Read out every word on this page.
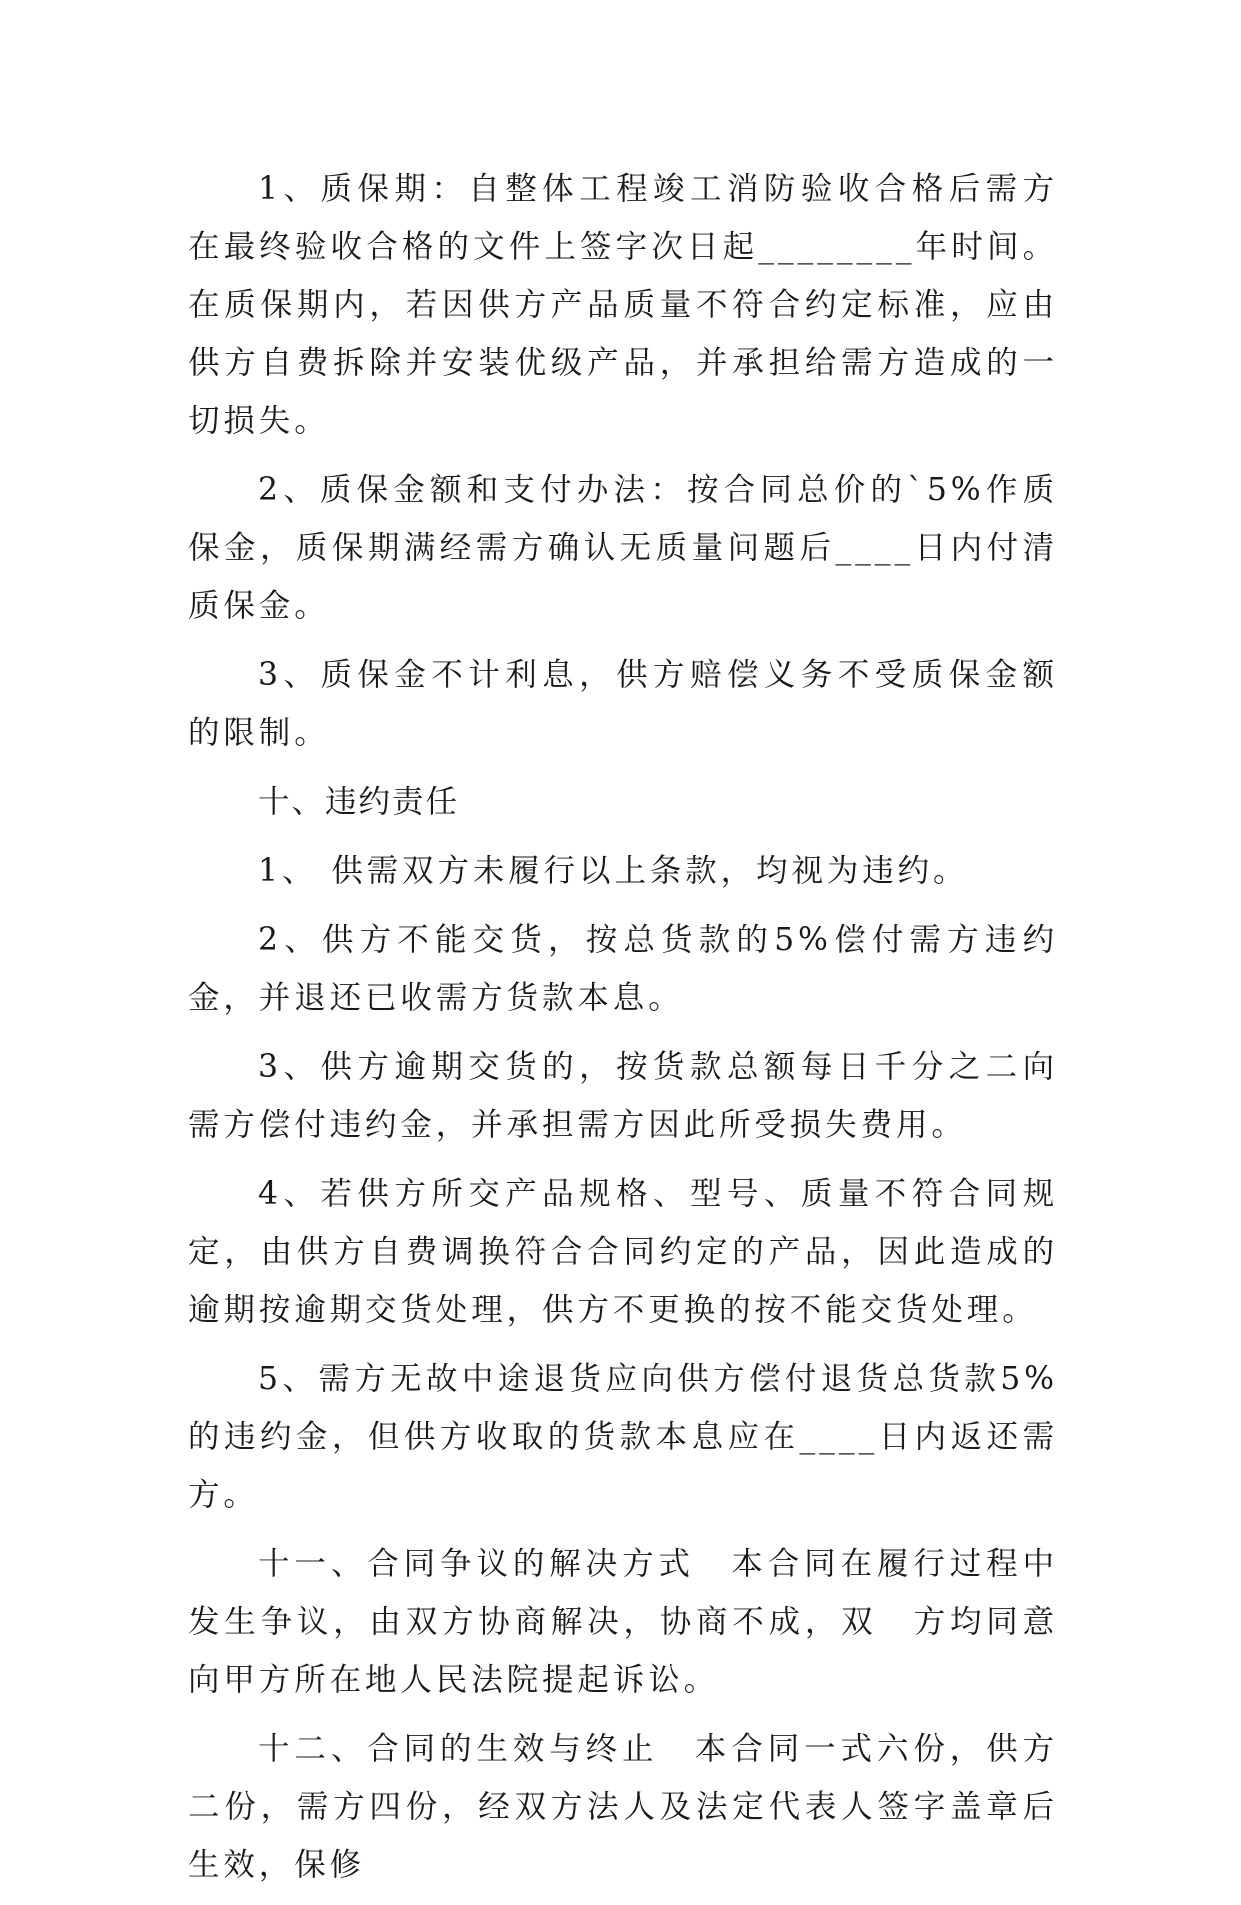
1、质保期：自整体工程竣工消防验收合格后需方在最终验收合格的文件上签字次日起________年时间。在质保期内，若因供方产品质量不符合约定标准，应由供方自费拆除并安装优级产品，并承担给需方造成的一切损失。

2、质保金额和支付办法：按合同总价的`5%作质保金，质保期满经需方确认无质量问题后____日内付清质保金。

3、质保金不计利息，供方赔偿义务不受质保金额的限制。

十、违约责任

1、 供需双方未履行以上条款，均视为违约。

2、供方不能交货，按总货款的5%偿付需方违约金，并退还已收需方货款本息。

3、供方逾期交货的，按货款总额每日千分之二向需方偿付违约金，并承担需方因此所受损失费用。

4、若供方所交产品规格、型号、质量不符合同规定，由供方自费调换符合合同约定的产品，因此造成的逾期按逾期交货处理，供方不更换的按不能交货处理。

5、需方无故中途退货应向供方偿付退货总货款5%的违约金，但供方收取的货款本息应在____日内返还需方。

十一、合同争议的解决方式　本合同在履行过程中发生争议，由双方协商解决，协商不成，双　方均同意向甲方所在地人民法院提起诉讼。

十二、合同的生效与终止　本合同一式六份，供方二份，需方四份，经双方法人及法定代表人签字盖章后生效，保修
